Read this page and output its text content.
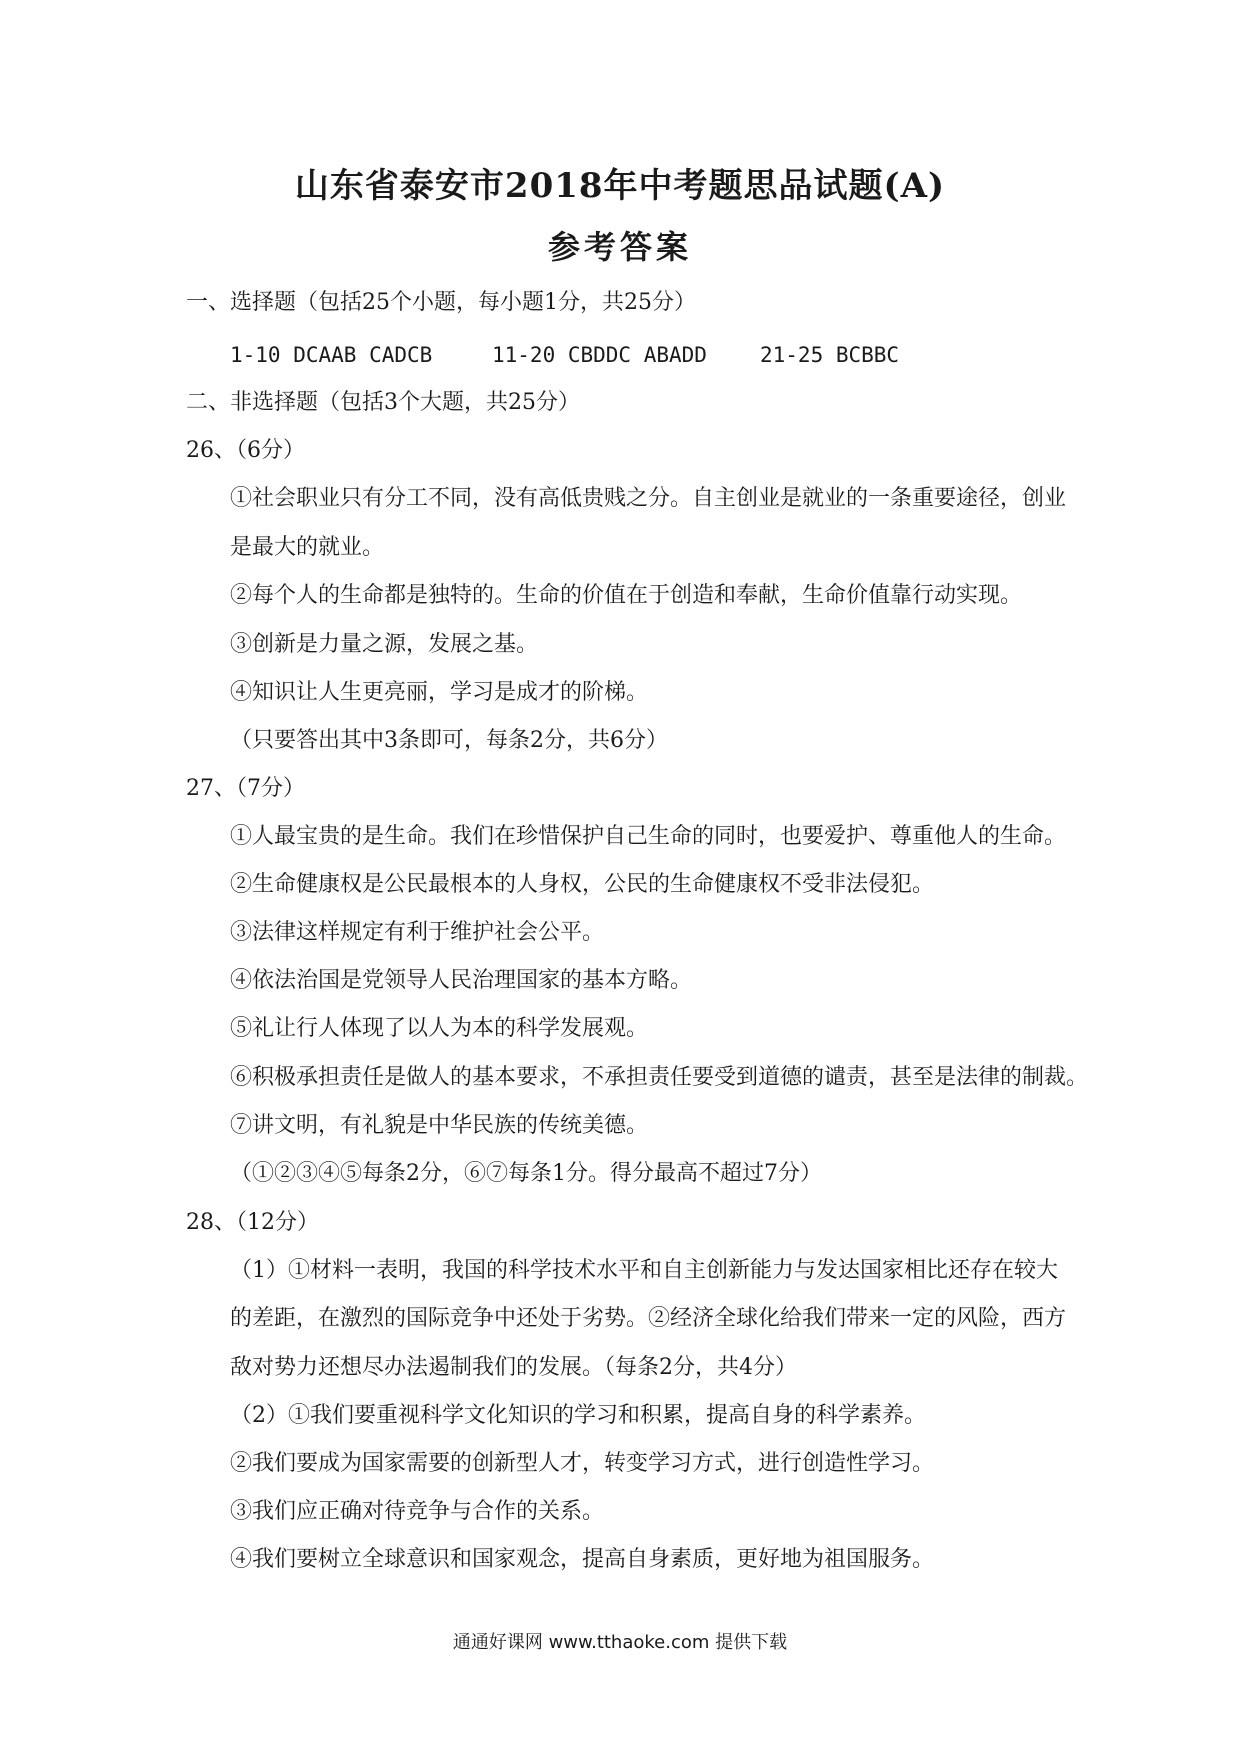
山东省泰安市2018年中考题思品试题(A)
参考答案
一、选择题（包括25个小题，每小题1分，共25分）
1-10 DCAAB CADCB	11-20 CBDDC ABADD	21-25 BCBBC
二、非选择题（包括3个大题，共25分）
26、（6分）
①社会职业只有分工不同，没有高低贵贱之分。自主创业是就业的一条重要途径，创业
是最大的就业。
②每个人的生命都是独特的。生命的价值在于创造和奉献，生命价值靠行动实现。
③创新是力量之源，发展之基。
④知识让人生更亮丽，学习是成才的阶梯。
（只要答出其中3条即可，每条2分，共6分）
27、（7分）
①人最宝贵的是生命。我们在珍惜保护自己生命的同时，也要爱护、尊重他人的生命。
②生命健康权是公民最根本的人身权，公民的生命健康权不受非法侵犯。
③法律这样规定有利于维护社会公平。
④依法治国是党领导人民治理国家的基本方略。
⑤礼让行人体现了以人为本的科学发展观。
⑥积极承担责任是做人的基本要求，不承担责任要受到道德的谴责，甚至是法律的制裁。
⑦讲文明，有礼貌是中华民族的传统美德。
（①②③④⑤每条2分，⑥⑦每条1分。得分最高不超过7分）
28、（12分）
（1）①材料一表明，我国的科学技术水平和自主创新能力与发达国家相比还存在较大
的差距，在激烈的国际竞争中还处于劣势。②经济全球化给我们带来一定的风险，西方
敌对势力还想尽办法遏制我们的发展。（每条2分，共4分）
（2）①我们要重视科学文化知识的学习和积累，提高自身的科学素养。
②我们要成为国家需要的创新型人才，转变学习方式，进行创造性学习。
③我们应正确对待竞争与合作的关系。
④我们要树立全球意识和国家观念，提高自身素质，更好地为祖国服务。
通通好课网 www.tthaoke.com 提供下载
